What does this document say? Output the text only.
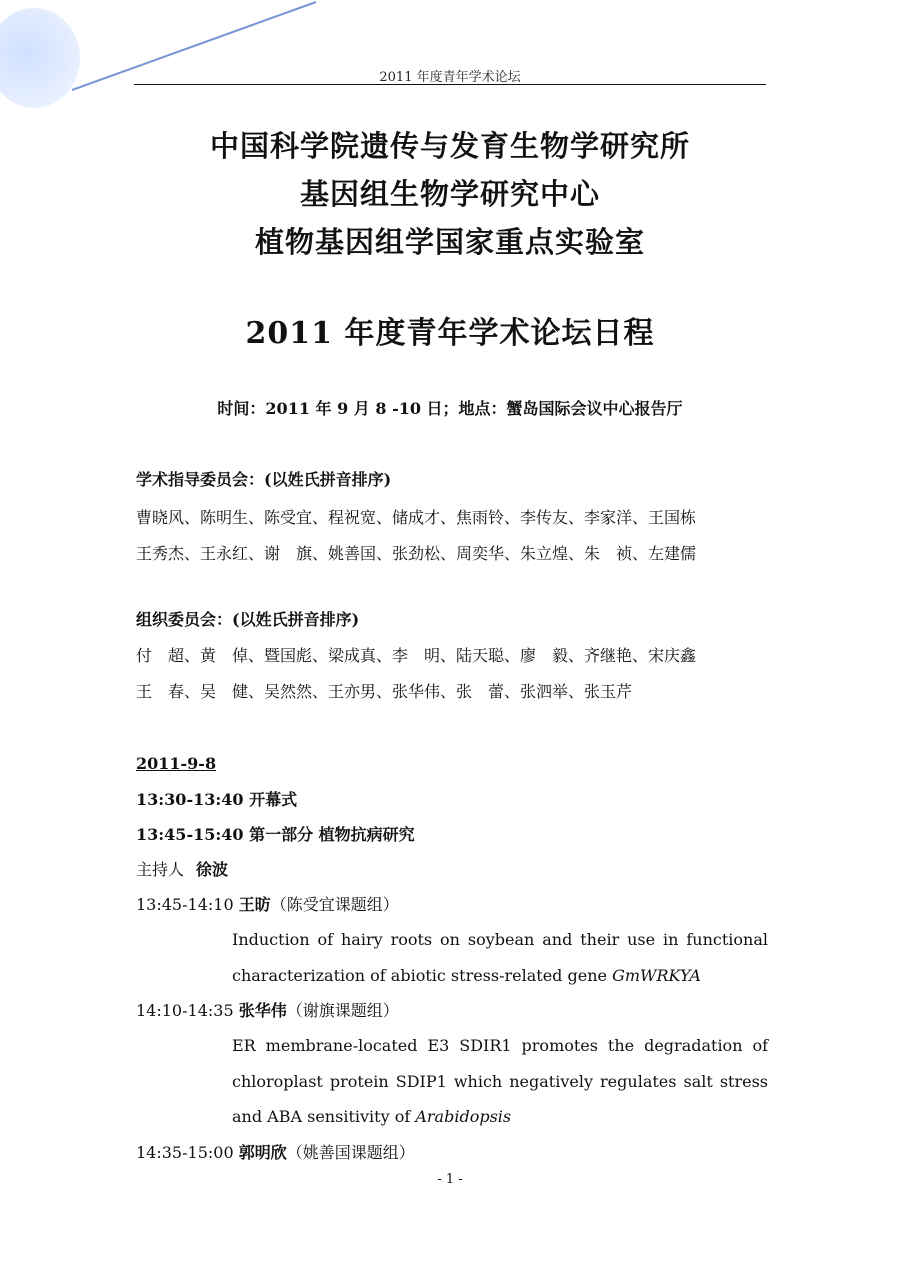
2011 年度青年学术论坛
中国科学院遗传与发育生物学研究所
基因组生物学研究中心
植物基因组学国家重点实验室
2011 年度青年学术论坛日程
时间：2011 年 9 月 8 -10 日；地点：蟹岛国际会议中心报告厅
学术指导委员会：(以姓氏拼音排序)
曹晓风、陈明生、陈受宜、程祝宽、储成才、焦雨铃、李传友、李家洋、王国栋
王秀杰、王永红、谢　旗、姚善国、张劲松、周奕华、朱立煌、朱　祯、左建儒
组织委员会：(以姓氏拼音排序)
付　超、黄　倬、暨国彪、梁成真、李　明、陆天聪、廖　毅、齐继艳、宋庆鑫
王　春、吴　健、吴然然、王亦男、张华伟、张　蕾、张泗举、张玉芹
2011-9-8
13:30-13:40 开幕式
13:45-15:40 第一部分 植物抗病研究
主持人 徐波
13:45-14:10 王昉（陈受宜课题组）
Induction of hairy roots on soybean and their use in functional characterization of abiotic stress-related gene GmWRKYA
14:10-14:35 张华伟（谢旗课题组）
ER membrane-located E3 SDIR1 promotes the degradation of chloroplast protein SDIP1 which negatively regulates salt stress and ABA sensitivity of Arabidopsis
14:35-15:00 郭明欣（姚善国课题组）
- 1 -
